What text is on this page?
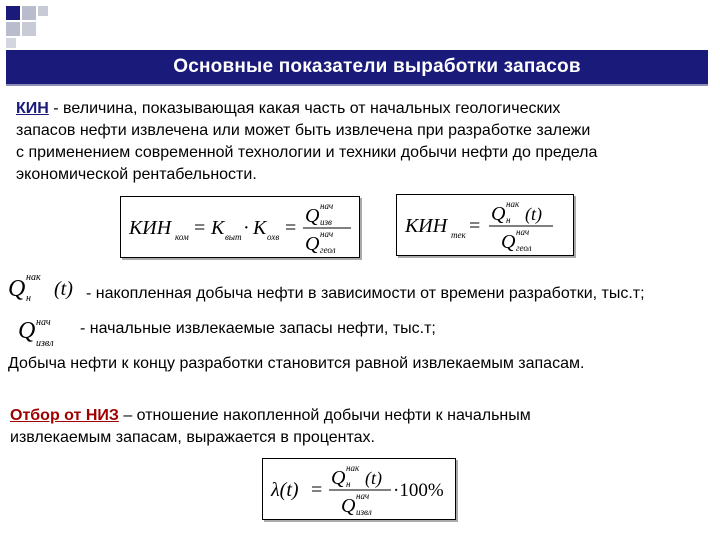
Основные показатели выработки запасов
КИН - величина, показывающая какая часть от начальных геологических
запасов нефти извлечена или может быть извлечена при разработке залежи
с применением современной технологии и техники добычи нефти до предела
экономической рентабельности.
КИН ком = К выт · К охв =
Q нач
изв
Q нач
геол
КИН тек =
Q нак
н (t)
Q нач
геол
Q нак
н (t) - накопленная добыча нефти в зависимости от времени разработки, тыс.т;
Q нач
извл
- начальные извлекаемые запасы нефти, тыс.т;
Добыча нефти к концу разработки становится равной извлекаемым запасам.
Отбор от НИЗ – отношение накопленной добычи нефти к начальным
извлекаемым запасам, выражается в процентах.
λ(t) =
Q нак
н (t)
Q нач
извл
·100%
